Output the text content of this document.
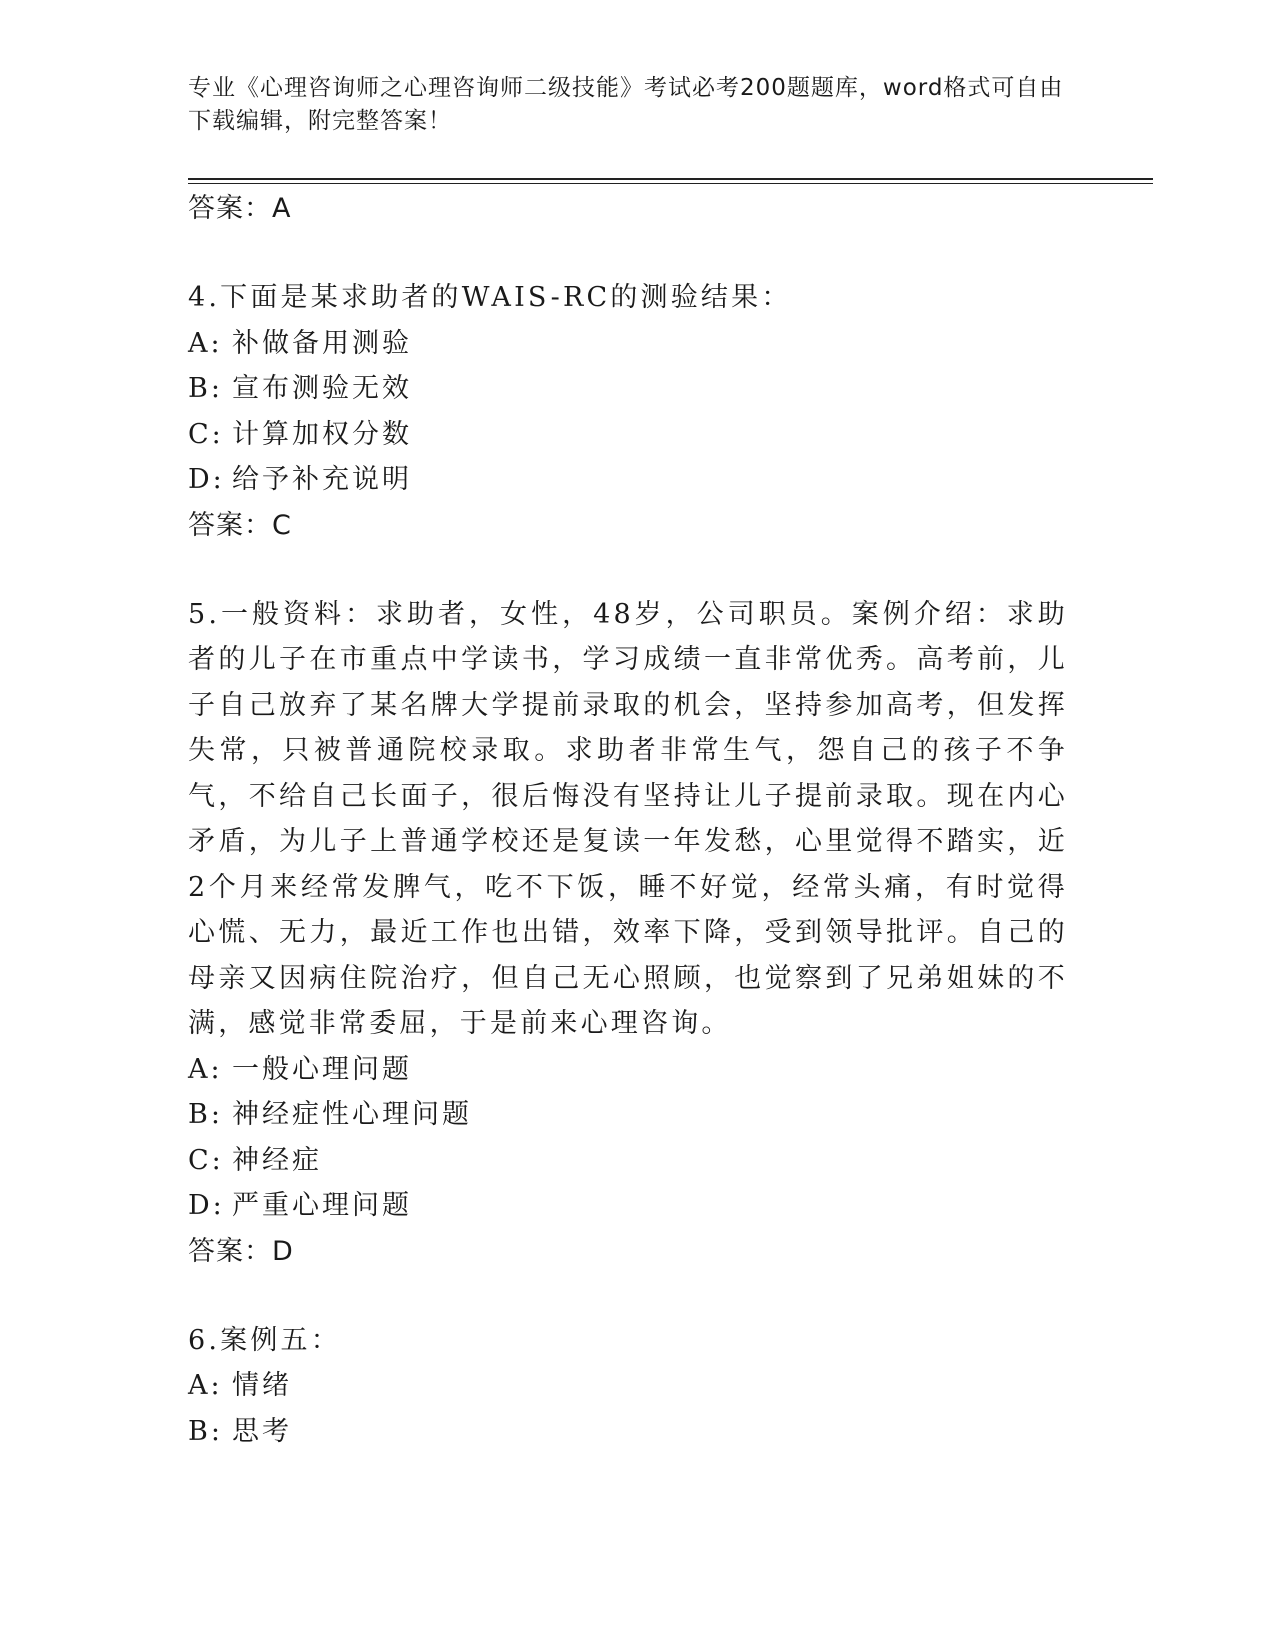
专业《心理咨询师之心理咨询师二级技能》考试必考200题题库，word格式可自由下载编辑，附完整答案！

答案：A

4.下面是某求助者的WAIS-RC的测验结果：

A: 补做备用测验

B: 宣布测验无效

C: 计算加权分数

D: 给予补充说明

答案：C

5.一般资料：求助者，女性，48岁，公司职员。案例介绍：求助者的儿子在市重点中学读书，学习成绩一直非常优秀。高考前，儿子自己放弃了某名牌大学提前录取的机会，坚持参加高考，但发挥失常，只被普通院校录取。求助者非常生气，怨自己的孩子不争气，不给自己长面子，很后悔没有坚持让儿子提前录取。现在内心矛盾，为儿子上普通学校还是复读一年发愁，心里觉得不踏实，近2个月来经常发脾气，吃不下饭，睡不好觉，经常头痛，有时觉得心慌、无力，最近工作也出错，效率下降，受到领导批评。自己的母亲又因病住院治疗，但自己无心照顾，也觉察到了兄弟姐妹的不满，感觉非常委屈，于是前来心理咨询。

A: 一般心理问题

B: 神经症性心理问题

C: 神经症

D: 严重心理问题

答案：D

6.案例五：

A: 情绪

B: 思考
